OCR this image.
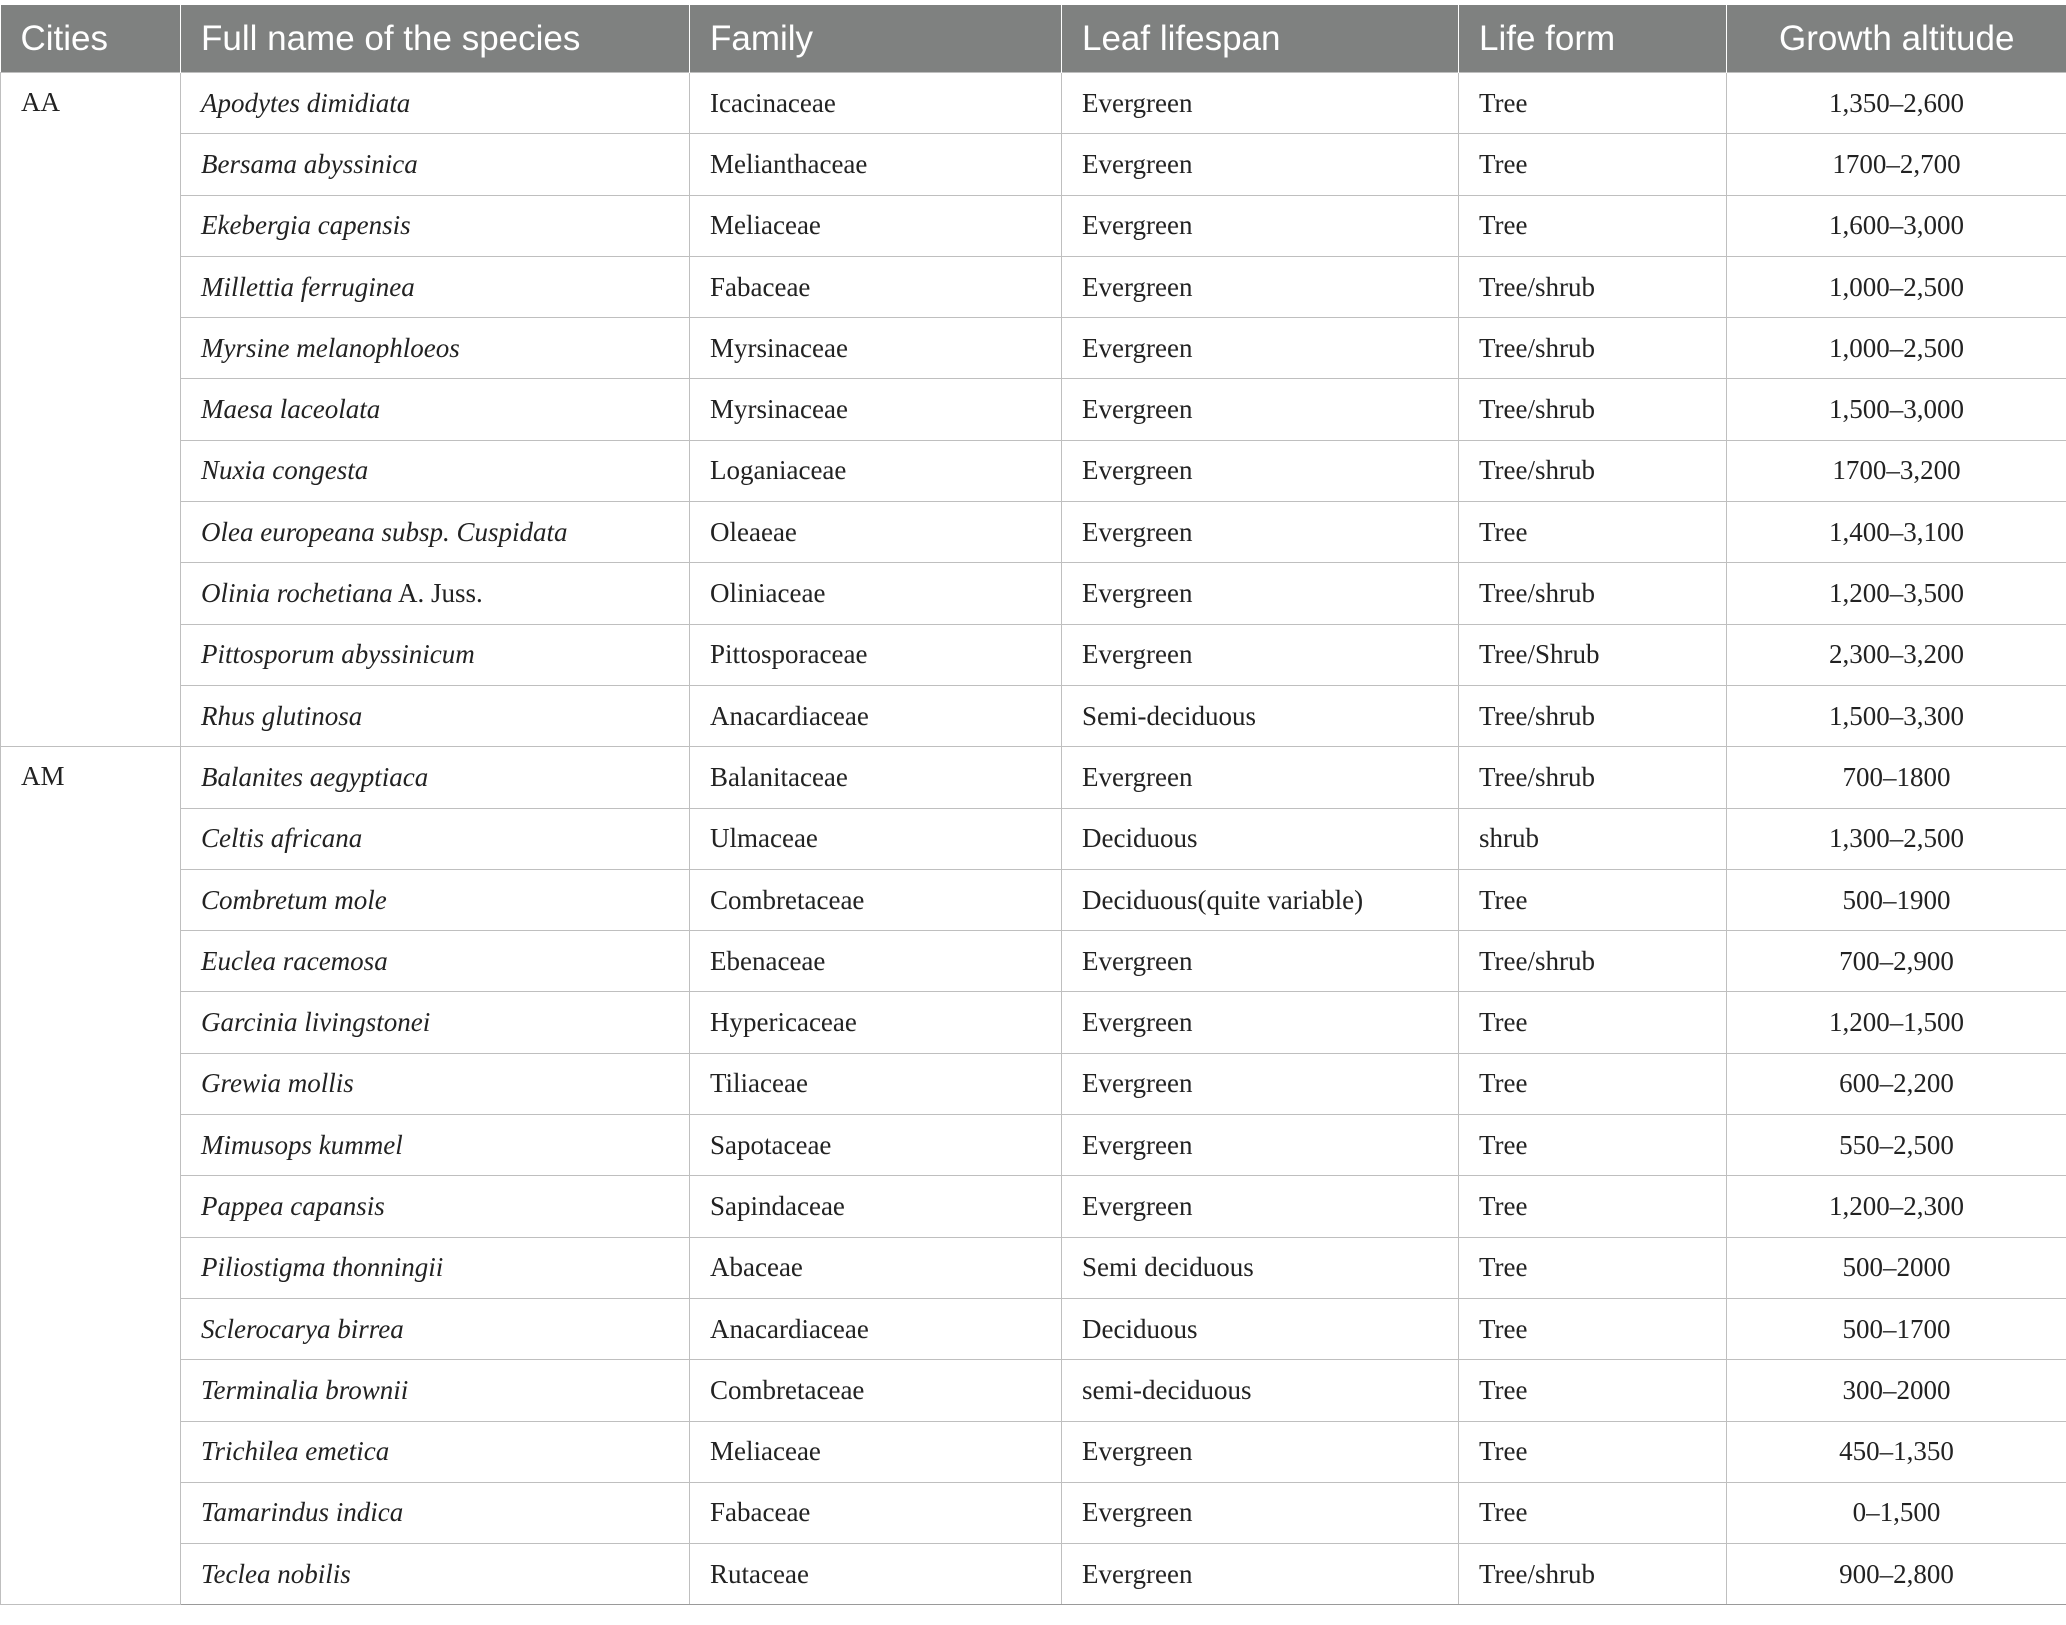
Cities	Full name of the species	Family	Leaf lifespan	Life form	Growth altitude
AA	Apodytes dimidiata	Icacinaceae	Evergreen	Tree	1,350–2,600
	Bersama abyssinica	Melianthaceae	Evergreen	Tree	1700–2,700
	Ekebergia capensis	Meliaceae	Evergreen	Tree	1,600–3,000
	Millettia ferruginea	Fabaceae	Evergreen	Tree/shrub	1,000–2,500
	Myrsine melanophloeos	Myrsinaceae	Evergreen	Tree/shrub	1,000–2,500
	Maesa laceolata	Myrsinaceae	Evergreen	Tree/shrub	1,500–3,000
	Nuxia congesta	Loganiaceae	Evergreen	Tree/shrub	1700–3,200
	Olea europeana subsp. Cuspidata	Oleaeae	Evergreen	Tree	1,400–3,100
	Olinia rochetiana A. Juss.	Oliniaceae	Evergreen	Tree/shrub	1,200–3,500
	Pittosporum abyssinicum	Pittosporaceae	Evergreen	Tree/Shrub	2,300–3,200
	Rhus glutinosa	Anacardiaceae	Semi-deciduous	Tree/shrub	1,500–3,300
AM	Balanites aegyptiaca	Balanitaceae	Evergreen	Tree/shrub	700–1800
	Celtis africana	Ulmaceae	Deciduous	shrub	1,300–2,500
	Combretum mole	Combretaceae	Deciduous(quite variable)	Tree	500–1900
	Euclea racemosa	Ebenaceae	Evergreen	Tree/shrub	700–2,900
	Garcinia livingstonei	Hypericaceae	Evergreen	Tree	1,200–1,500
	Grewia mollis	Tiliaceae	Evergreen	Tree	600–2,200
	Mimusops kummel	Sapotaceae	Evergreen	Tree	550–2,500
	Pappea capansis	Sapindaceae	Evergreen	Tree	1,200–2,300
	Piliostigma thonningii	Abaceae	Semi deciduous	Tree	500–2000
	Sclerocarya birrea	Anacardiaceae	Deciduous	Tree	500–1700
	Terminalia brownii	Combretaceae	semi-deciduous	Tree	300–2000
	Trichilea emetica	Meliaceae	Evergreen	Tree	450–1,350
	Tamarindus indica	Fabaceae	Evergreen	Tree	0–1,500
	Teclea nobilis	Rutaceae	Evergreen	Tree/shrub	900–2,800
